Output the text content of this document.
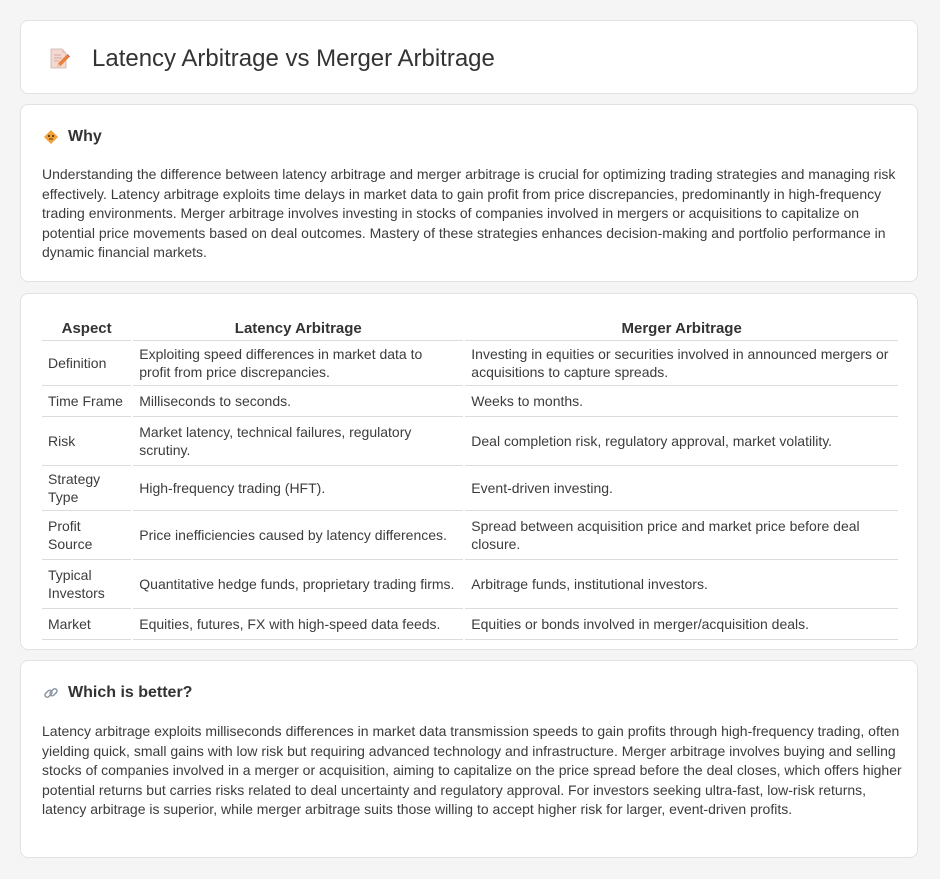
Latency Arbitrage vs Merger Arbitrage
Why

Understanding the difference between latency arbitrage and merger arbitrage is crucial for optimizing trading strategies and managing risk effectively. Latency arbitrage exploits time delays in market data to gain profit from price discrepancies, predominantly in high-frequency trading environments. Merger arbitrage involves investing in stocks of companies involved in mergers or acquisitions to capitalize on potential price movements based on deal outcomes. Mastery of these strategies enhances decision-making and portfolio performance in dynamic financial markets.

Aspect	Latency Arbitrage	Merger Arbitrage
Definition	Exploiting speed differences in market data to profit from price discrepancies.	Investing in equities or securities involved in announced mergers or acquisitions to capture spreads.
Time Frame	Milliseconds to seconds.	Weeks to months.
Risk	Market latency, technical failures, regulatory scrutiny.	Deal completion risk, regulatory approval, market volatility.
Strategy Type	High-frequency trading (HFT).	Event-driven investing.
Profit Source	Price inefficiencies caused by latency differences.	Spread between acquisition price and market price before deal closure.
Typical Investors	Quantitative hedge funds, proprietary trading firms.	Arbitrage funds, institutional investors.
Market	Equities, futures, FX with high-speed data feeds.	Equities or bonds involved in merger/acquisition deals.
Which is better?

Latency arbitrage exploits milliseconds differences in market data transmission speeds to gain profits through high-frequency trading, often yielding quick, small gains with low risk but requiring advanced technology and infrastructure. Merger arbitrage involves buying and selling stocks of companies involved in a merger or acquisition, aiming to capitalize on the price spread before the deal closes, which offers higher potential returns but carries risks related to deal uncertainty and regulatory approval. For investors seeking ultra-fast, low-risk returns, latency arbitrage is superior, while merger arbitrage suits those willing to accept higher risk for larger, event-driven profits.
